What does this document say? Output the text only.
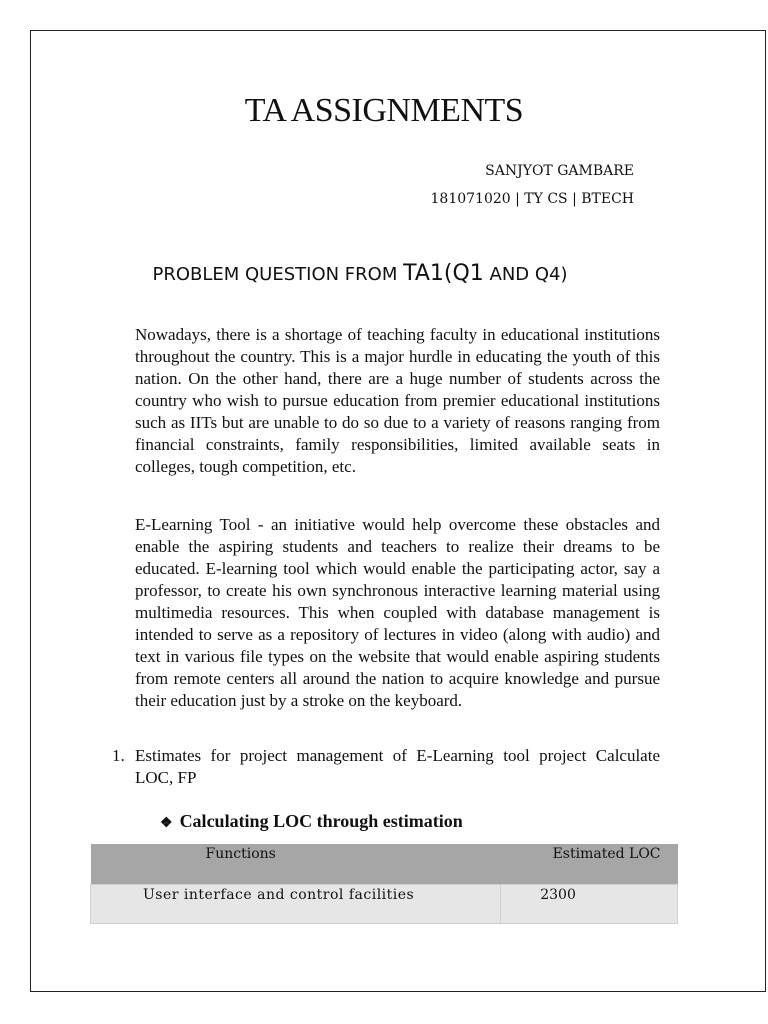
TA ASSIGNMENTS
SANJYOT GAMBARE
181071020 | TY CS | BTECH
PROBLEM QUESTION FROM TA1(Q1 AND Q4)

Nowadays, there is a shortage of teaching faculty in educational institutions throughout the country. This is a major hurdle in educating the youth of this nation. On the other hand, there are a huge number of students across the country who wish to pursue education from premier educational institutions such as IITs but are unable to do so due to a variety of reasons ranging from financial constraints, family responsibilities, limited available seats in colleges, tough competition, etc.

E-Learning Tool - an initiative would help overcome these obstacles and enable the aspiring students and teachers to realize their dreams to be educated. E-learning tool which would enable the participating actor, say a professor, to create his own synchronous interactive learning material using multimedia resources. This when coupled with database management is intended to serve as a repository of lectures in video (along with audio) and text in various file types on the website that would enable aspiring students from remote centers all around the nation to acquire knowledge and pursue their education just by a stroke on the keyboard.

1. Estimates for project management of E-Learning tool project Calculate LOC, FP
❖ Calculating LOC through estimation
Functions	Estimated LOC
User interface and control facilities	2300
